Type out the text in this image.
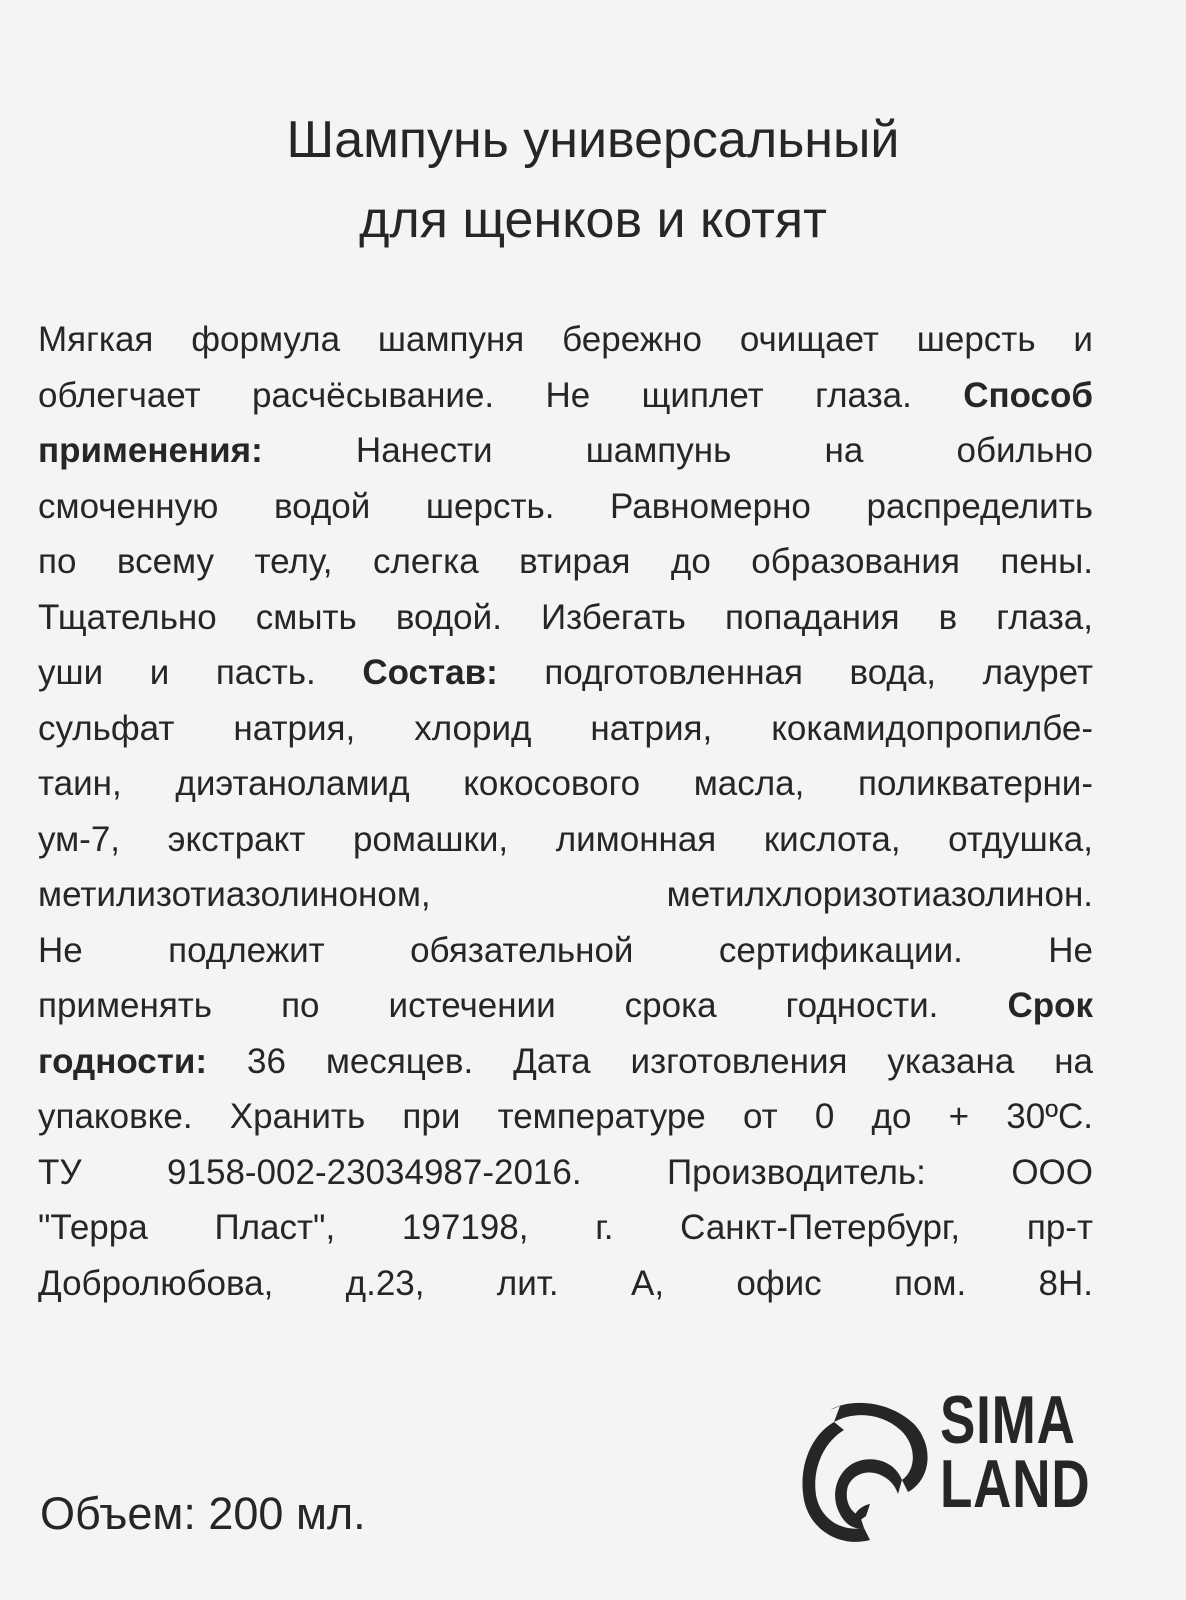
Шампунь универсальный
для щенков и котят
Мягкая формула шампуня бережно очищает шерсть и
облегчает расчёсывание. Не щиплет глаза. Способ
применения: Нанести шампунь на обильно
смоченную водой шерсть. Равномерно распределить
по всему телу, слегка втирая до образования пены.
Тщательно смыть водой. Избегать попадания в глаза,
уши и пасть. Состав: подготовленная вода, лаурет
сульфат натрия, хлорид натрия, кокамидопропилбе-
таин, диэтаноламид кокосового масла, поликватерни-
ум-7, экстракт ромашки, лимонная кислота, отдушка,
метилизотиазолиноном, метилхлоризотиазолинон.
Не подлежит обязательной сертификации. Не
применять по истечении срока годности. Срок
годности: 36 месяцев. Дата изготовления указана на
упаковке. Хранить при температуре от 0 до + 30ºС.
ТУ 9158-002-23034987-2016. Производитель: ООО
"Терра Пласт", 197198, г. Санкт-Петербург, пр-т
Добролюбова, д.23, лит. А, офис пом. 8Н.
Объем: 200 мл.
SIMA
LAND
